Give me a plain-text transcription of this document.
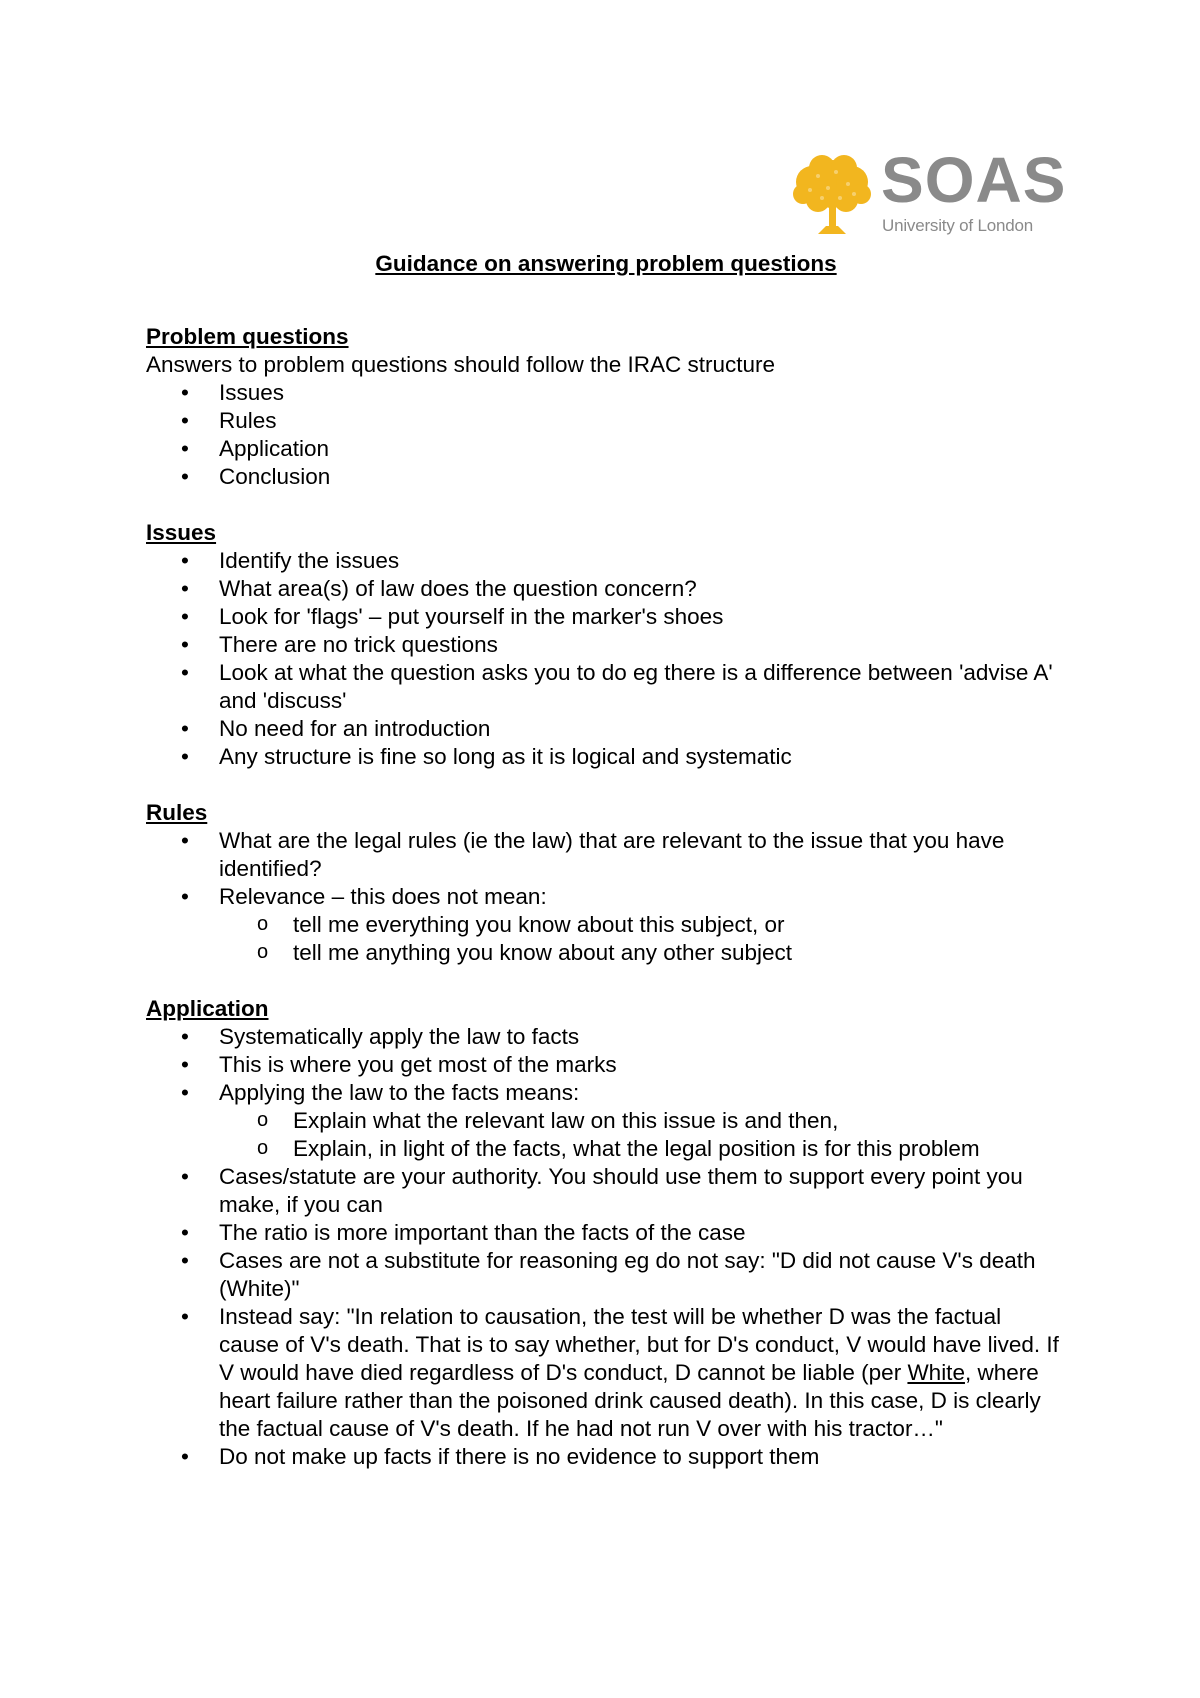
SOAS
University of London

Guidance on answering problem questions

Problem questions

Answers to problem questions should follow the IRAC structure

• Issues
• Rules
• Application
• Conclusion

Issues

• Identify the issues
• What area(s) of law does the question concern?
• Look for 'flags' – put yourself in the marker's shoes
• There are no trick questions
• Look at what the question asks you to do eg there is a difference between 'advise A' and 'discuss'
• No need for an introduction
• Any structure is fine so long as it is logical and systematic

Rules

• What are the legal rules (ie the law) that are relevant to the issue that you have identified?
• Relevance – this does not mean:
o tell me everything you know about this subject, or
o tell me anything you know about any other subject

Application

• Systematically apply the law to facts
• This is where you get most of the marks
• Applying the law to the facts means:
o Explain what the relevant law on this issue is and then,
o Explain, in light of the facts, what the legal position is for this problem
• Cases/statute are your authority. You should use them to support every point you make, if you can
• The ratio is more important than the facts of the case
• Cases are not a substitute for reasoning eg do not say: "D did not cause V's death (White)"
• Instead say: "In relation to causation, the test will be whether D was the factual cause of V's death. That is to say whether, but for D's conduct, V would have lived. If V would have died regardless of D's conduct, D cannot be liable (per White, where heart failure rather than the poisoned drink caused death). In this case, D is clearly the factual cause of V's death. If he had not run V over with his tractor…"
• Do not make up facts if there is no evidence to support them
